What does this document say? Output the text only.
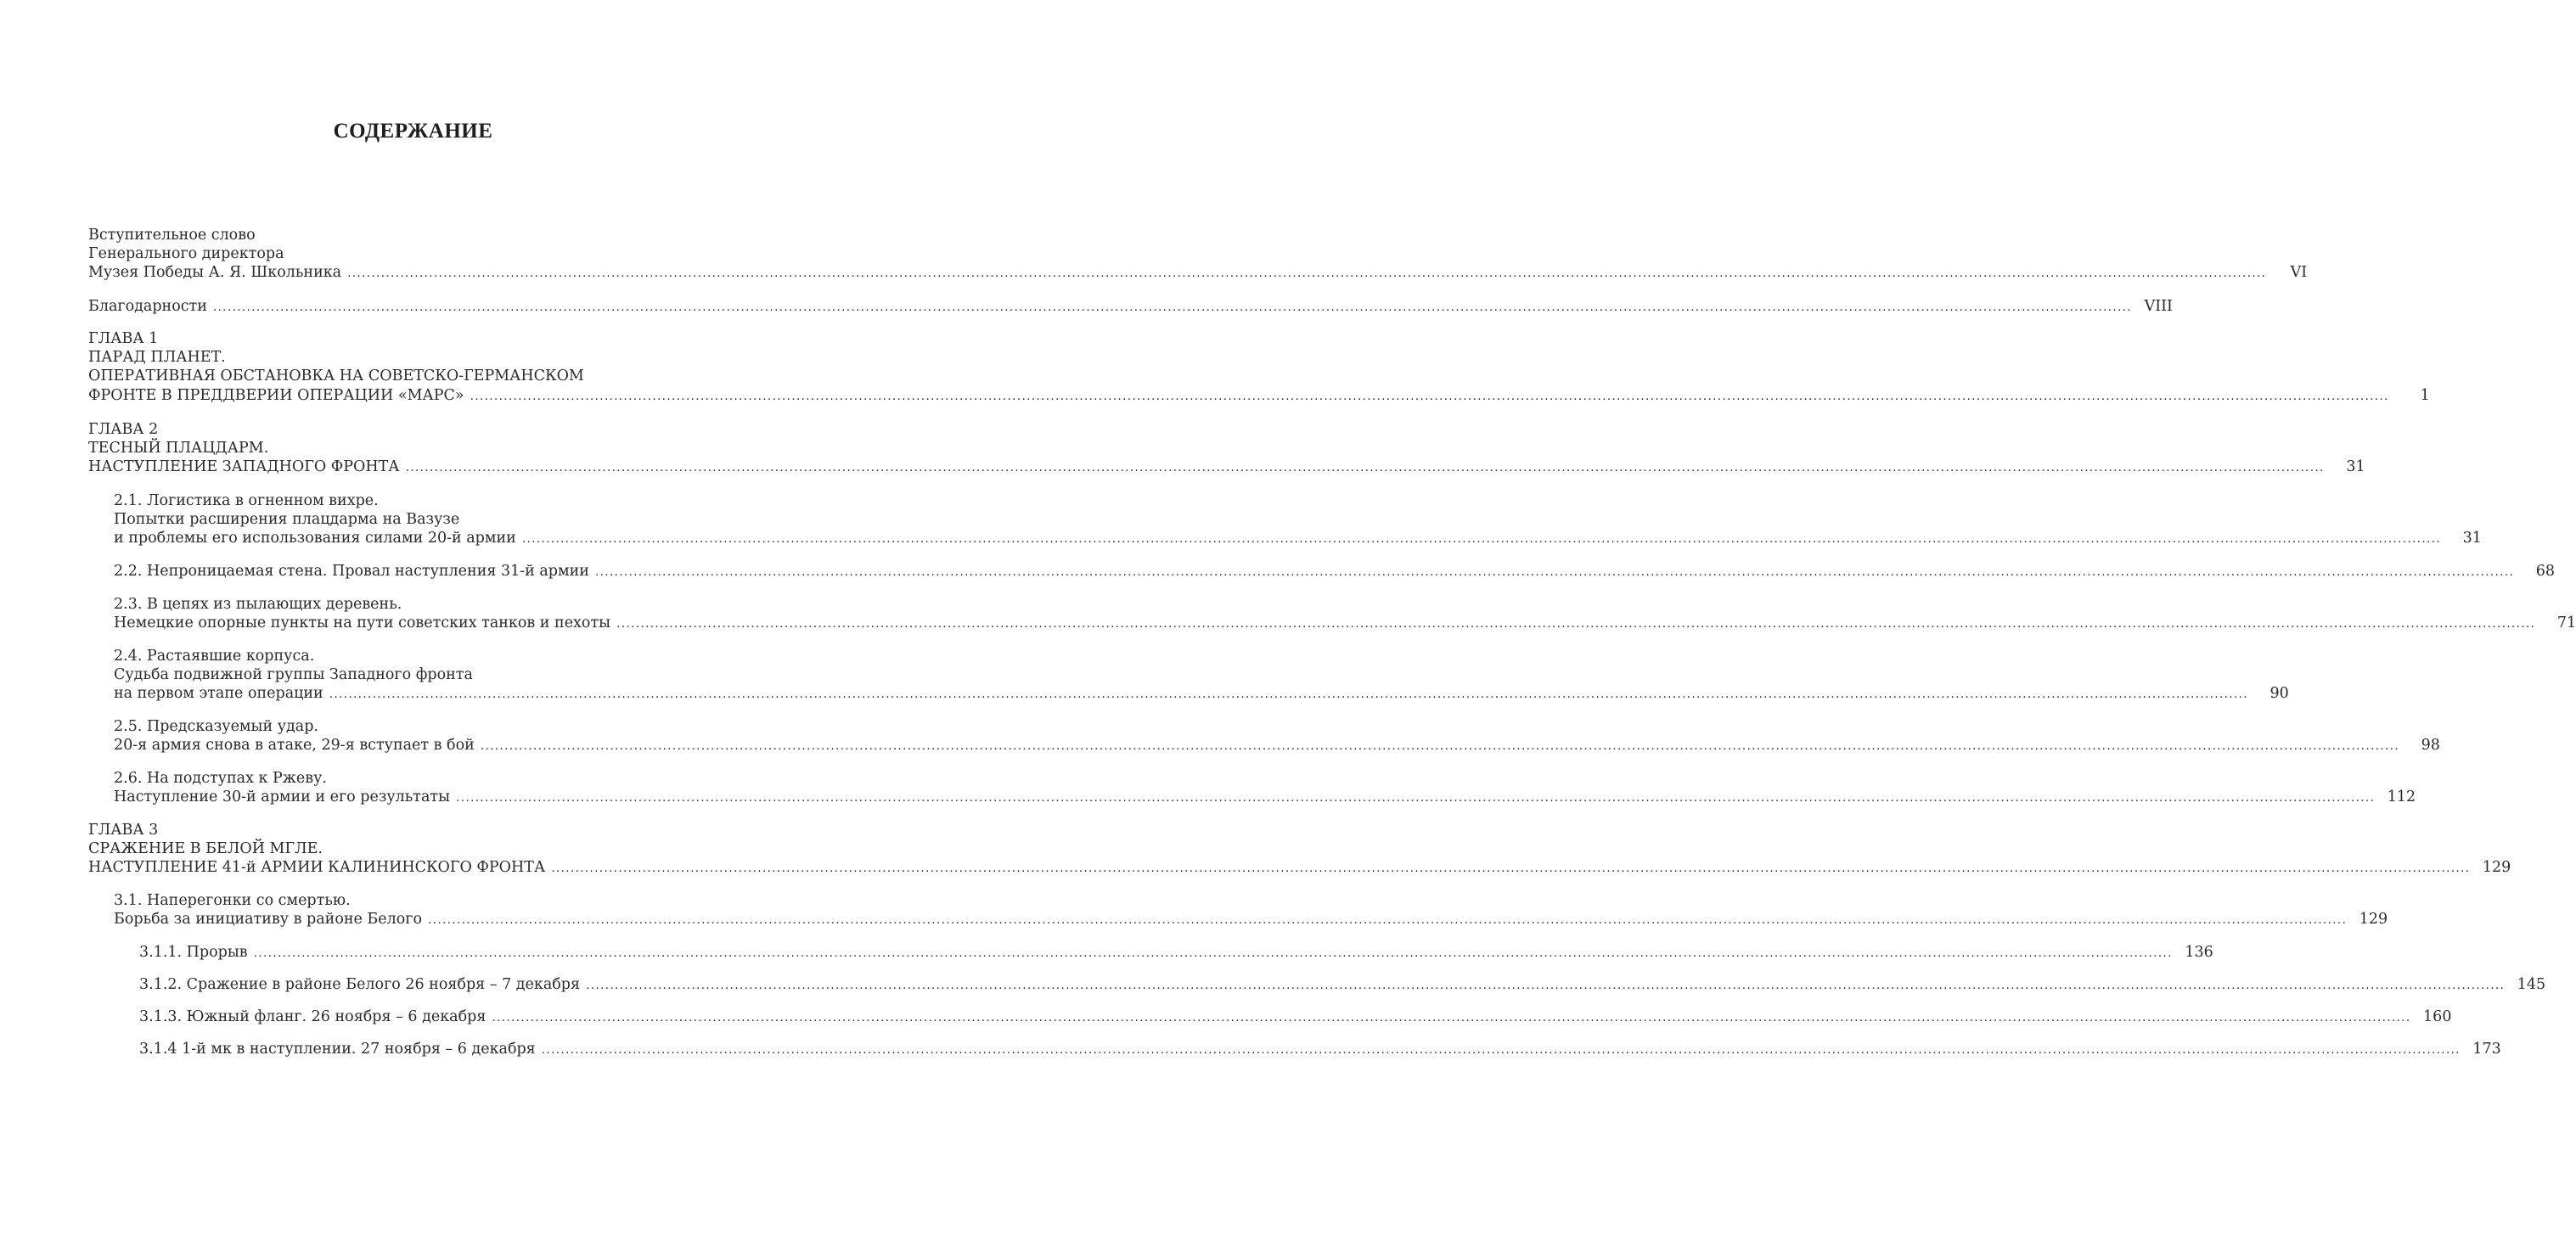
СОДЕРЖАНИЕ
Вступительное слово
Генерального директора
Музея Победы А. Я. Школьника ................................................................................................................................................................................................................................................................................................................................................................................................................	VI
Благодарности ................................................................................................................................................................................................................................................................................................................................................................................................................ VIII
ГЛАВА 1
ПАРАД ПЛАНЕТ.
ОПЕРАТИВНАЯ ОБСТАНОВКА НА СОВЕТСКО-ГЕРМАНСКОМ
ФРОНТЕ В ПРЕДДВЕРИИ ОПЕРАЦИИ «МАРС» ................................................................................................................................................................................................................................................................................................................................................................................................................	1
ГЛАВА 2
ТЕСНЫЙ ПЛАЦДАРМ.
НАСТУПЛЕНИЕ ЗАПАДНОГО ФРОНТА ................................................................................................................................................................................................................................................................................................................................................................................................................	31
2.1. Логистика в огненном вихре.
Попытки расширения плацдарма на Вазузе
и проблемы его использования силами 20-й армии ................................................................................................................................................................................................................................................................................................................................................................................................................	31
2.2. Непроницаемая стена. Провал наступления 31-й армии ................................................................................................................................................................................................................................................................................................................................................................................................................	68
2.3. В цепях из пылающих деревень.
Немецкие опорные пункты на пути советских танков и пехоты ................................................................................................................................................................................................................................................................................................................................................................................................................	71
2.4. Растаявшие корпуса.
Судьба подвижной группы Западного фронта
на первом этапе операции ................................................................................................................................................................................................................................................................................................................................................................................................................	90
2.5. Предсказуемый удар.
20-я армия снова в атаке, 29-я вступает в бой ................................................................................................................................................................................................................................................................................................................................................................................................................	98
2.6. На подступах к Ржеву.
Наступление 30-й армии и его результаты ................................................................................................................................................................................................................................................................................................................................................................................................................ 112
ГЛАВА 3
СРАЖЕНИЕ В БЕЛОЙ МГЛЕ.
НАСТУПЛЕНИЕ 41-й АРМИИ КАЛИНИНСКОГО ФРОНТА ................................................................................................................................................................................................................................................................................................................................................................................................................ 129
3.1. Наперегонки со смертью.
Борьба за инициативу в районе Белого ................................................................................................................................................................................................................................................................................................................................................................................................................ 129
3.1.1. Прорыв ................................................................................................................................................................................................................................................................................................................................................................................................................ 136
3.1.2. Сражение в районе Белого 26 ноября – 7 декабря ................................................................................................................................................................................................................................................................................................................................................................................................................ 145
3.1.3. Южный фланг. 26 ноября – 6 декабря ................................................................................................................................................................................................................................................................................................................................................................................................................ 160
3.1.4 1-й мк в наступлении. 27 ноября – 6 декабря ................................................................................................................................................................................................................................................................................................................................................................................................................ 173
